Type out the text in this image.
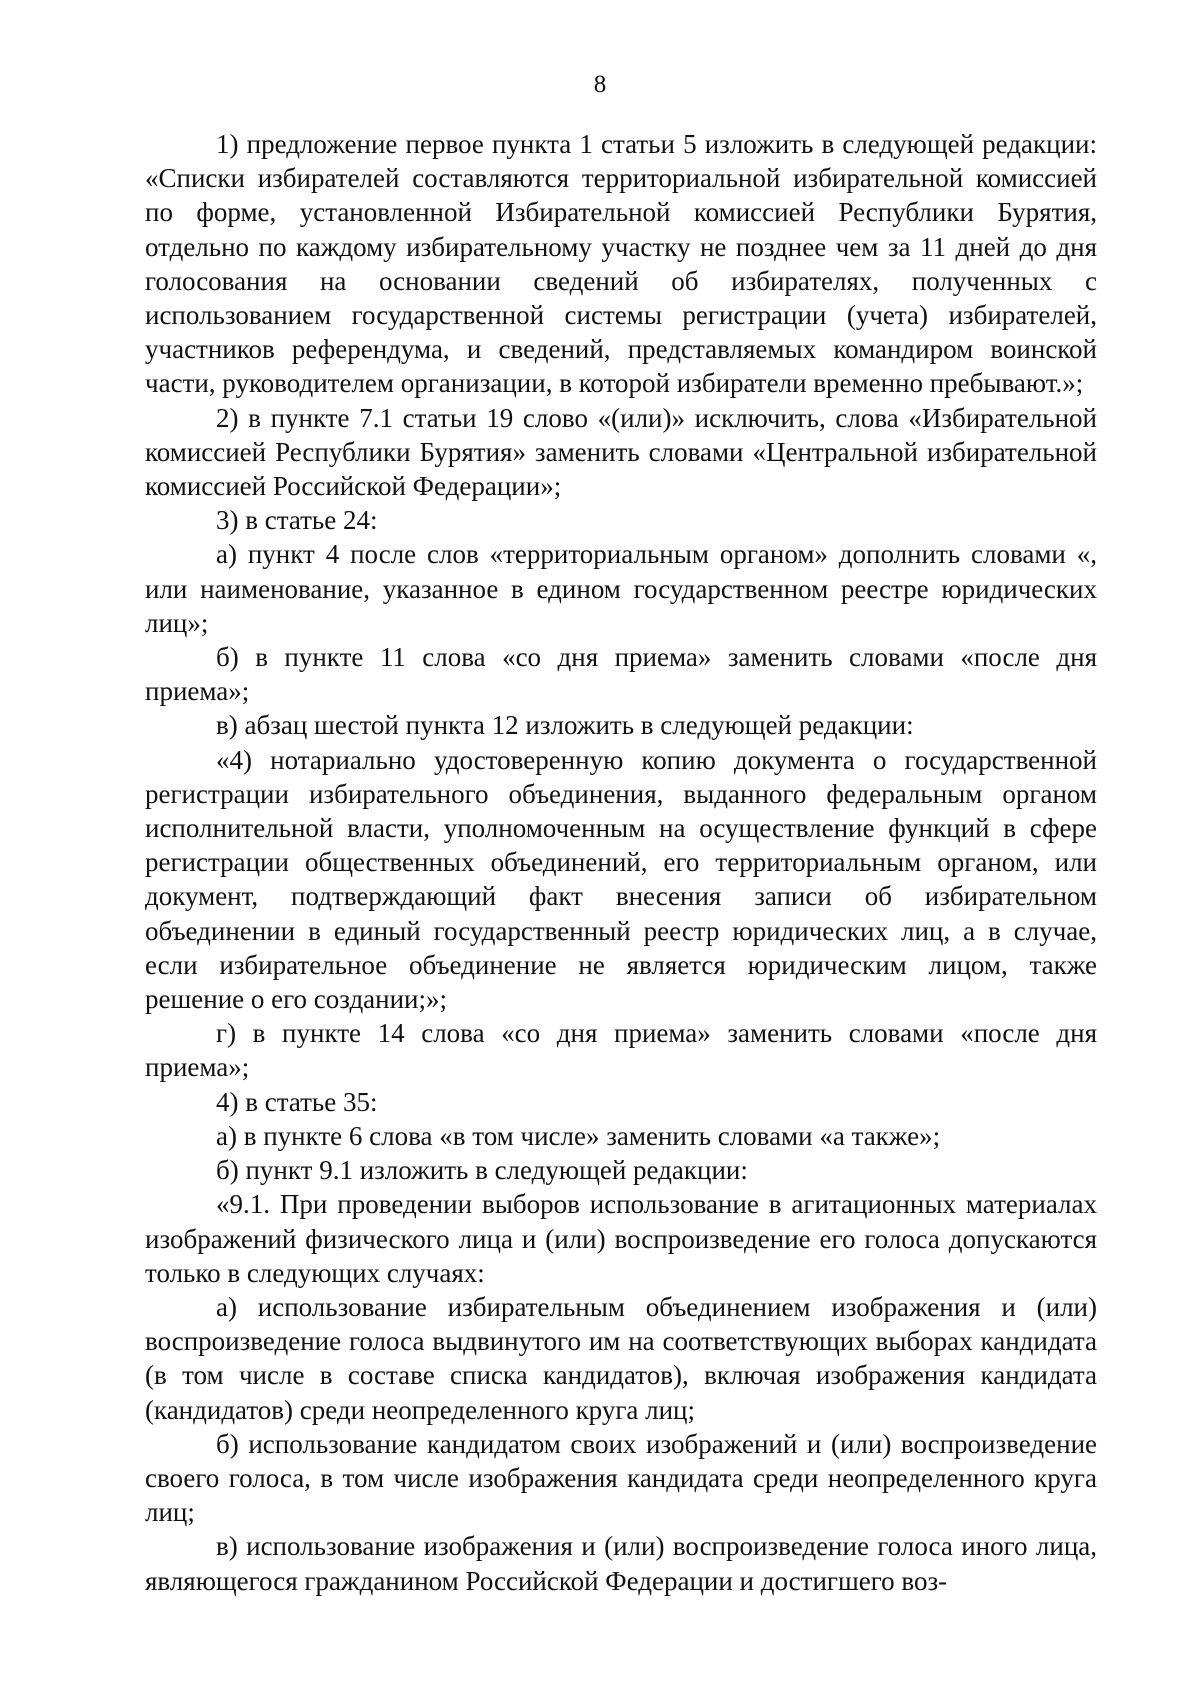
8

1) предложение первое пункта 1 статьи 5 изложить в следующей редакции: «Списки избирателей составляются территориальной избирательной комиссией по форме, установленной Избирательной комиссией Республики Бурятия, отдельно по каждому избирательному участку не позднее чем за 11 дней до дня голосования на основании сведений об избирателях, полученных с использованием государственной системы регистрации (учета) избирателей, участников референдума, и сведений, представляемых командиром воинской части, руководителем организации, в которой избиратели временно пребывают.»;

2) в пункте 7.1 статьи 19 слово «(или)» исключить, слова «Избирательной комиссией Республики Бурятия» заменить словами «Центральной избирательной комиссией Российской Федерации»;

3) в статье 24:

а) пункт 4 после слов «территориальным органом» дополнить словами «, или наименование, указанное в едином государственном реестре юридических лиц»;

б) в пункте 11 слова «со дня приема» заменить словами «после дня приема»;

в) абзац шестой пункта 12 изложить в следующей редакции:

«4) нотариально удостоверенную копию документа о государственной регистрации избирательного объединения, выданного федеральным органом исполнительной власти, уполномоченным на осуществление функций в сфере регистрации общественных объединений, его территориальным органом, или документ, подтверждающий факт внесения записи об избирательном объединении в единый государственный реестр юридических лиц, а в случае, если избирательное объединение не является юридическим лицом, также решение о его создании;»;

г) в пункте 14 слова «со дня приема» заменить словами «после дня приема»;

4) в статье 35:

а) в пункте 6 слова «в том числе» заменить словами «а также»;

б) пункт 9.1 изложить в следующей редакции:

«9.1. При проведении выборов использование в агитационных материалах изображений физического лица и (или) воспроизведение его голоса допускаются только в следующих случаях:

а) использование избирательным объединением изображения и (или) воспроизведение голоса выдвинутого им на соответствующих выборах кандидата (в том числе в составе списка кандидатов), включая изображения кандидата (кандидатов) среди неопределенного круга лиц;

б) использование кандидатом своих изображений и (или) воспроизведение своего голоса, в том числе изображения кандидата среди неопределенного круга лиц;

в) использование изображения и (или) воспроизведение голоса иного лица, являющегося гражданином Российской Федерации и достигшего воз-
